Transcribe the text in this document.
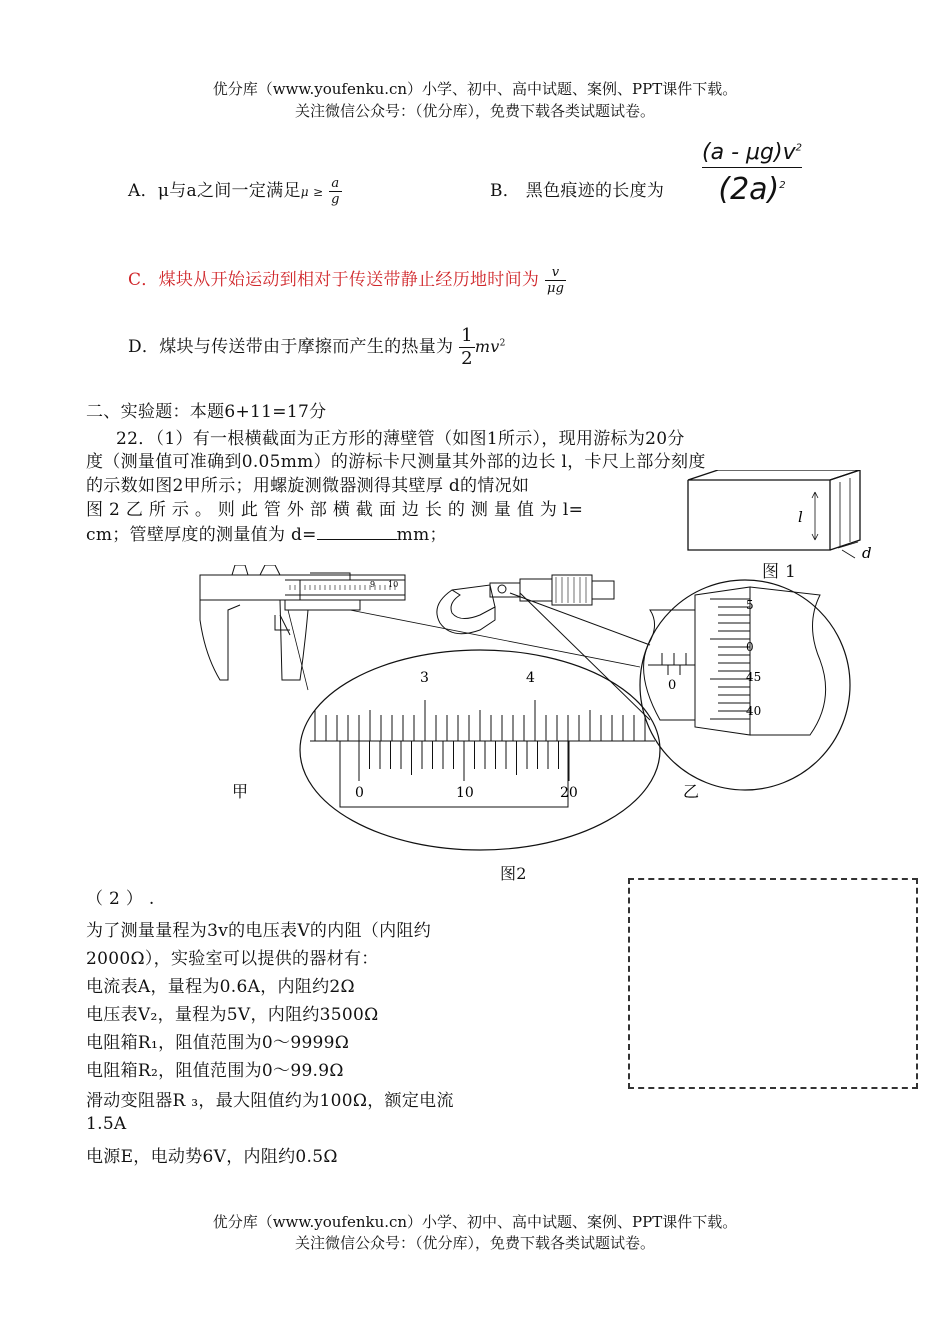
优分库（www.youfenku.cn）小学、初中、高中试题、案例、PPT课件下载。
关注微信公众号：（优分库），免费下载各类试题试卷。
A．μ与a之间一定满足$\mu \ge \frac{a}{g}$	B． 黑色痕迹的长度为
$(a - \mu g)v^2$
$(2a)^2$
C．煤块从开始运动到相对于传送带静止经历地时间为 $\frac{v}{\mu g}$
D．煤块与传送带由于摩擦而产生的热量为 $\frac{1}{2} mv^2$
二、实验题：本题6+11=17分
22．（1）有一根横截面为正方形的薄壁管（如图1所示），现用游标为20分
度（测量值可准确到0.05mm）的游标卡尺测量其外部的边长 l，卡尺上部分刻度
的示数如图2甲所示；用螺旋测微器测得其壁厚 d的情况如
图 2 乙 所 示 。 则 此 管 外 部 横 截 面 边 长 的 测 量 值 为 l=
cm；管壁厚度的测量值为 d=	mm；
l
d
图 1
9 10
3	4
0	10	20
5
0
45
40
0
甲	乙
图2
（ 2 ） .
为了测量量程为3v的电压表V的内阻（内阻约
2000Ω），实验室可以提供的器材有：
电流表A，量程为0.6A，内阻约2Ω
电压表V₂，量程为5V，内阻约3500Ω
电阻箱R₁，阻值范围为0～9999Ω
电阻箱R₂，阻值范围为0～99.9Ω
滑动变阻器R ₃，最大阻值约为100Ω，额定电流
1.5A
电源E，电动势6V，内阻约0.5Ω
优分库（www.youfenku.cn）小学、初中、高中试题、案例、PPT课件下载。
关注微信公众号：（优分库），免费下载各类试题试卷。
